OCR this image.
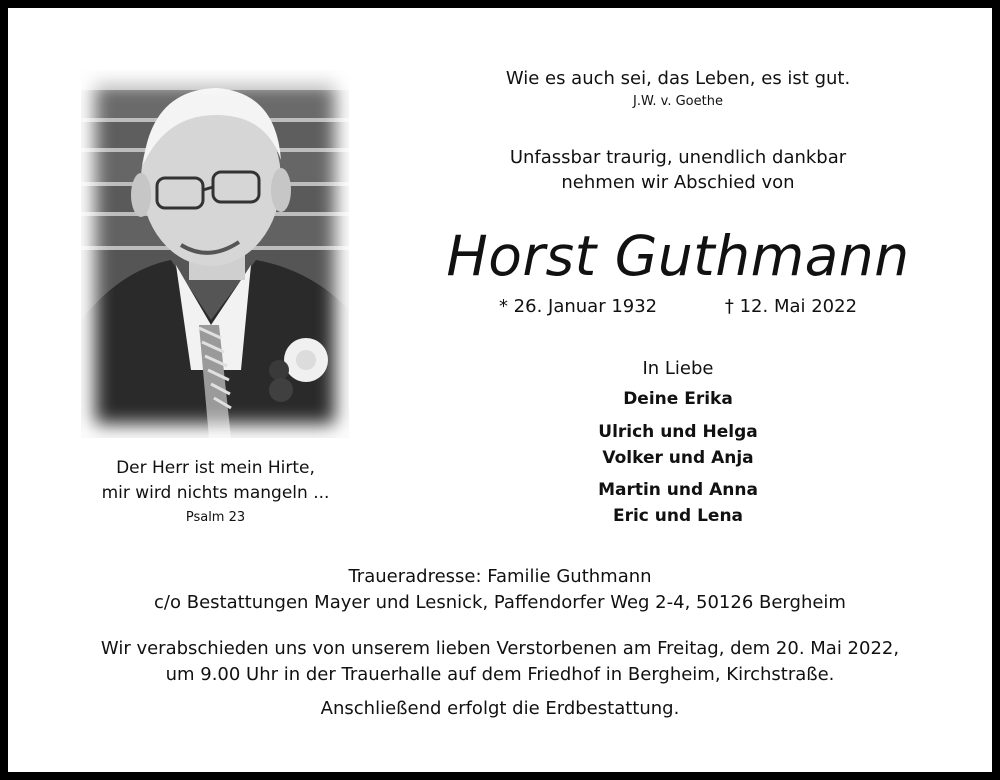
Der Herr ist mein Hirte,
mir wird nichts mangeln ...
Psalm 23
Wie es auch sei, das Leben, es ist gut.
J.W. v. Goethe
Unfassbar traurig, unendlich dankbar
nehmen wir Abschied von
Horst Guthmann
* 26. Januar 1932	† 12. Mai 2022
In Liebe
Deine Erika
Ulrich und Helga
Volker und Anja
Martin und Anna
Eric und Lena
Traueradresse: Familie Guthmann
c/o Bestattungen Mayer und Lesnick, Paffendorfer Weg 2-4, 50126 Bergheim
Wir verabschieden uns von unserem lieben Verstorbenen am Freitag, dem 20. Mai 2022,
um 9.00 Uhr in der Trauerhalle auf dem Friedhof in Bergheim, Kirchstraße.
Anschließend erfolgt die Erdbestattung.
